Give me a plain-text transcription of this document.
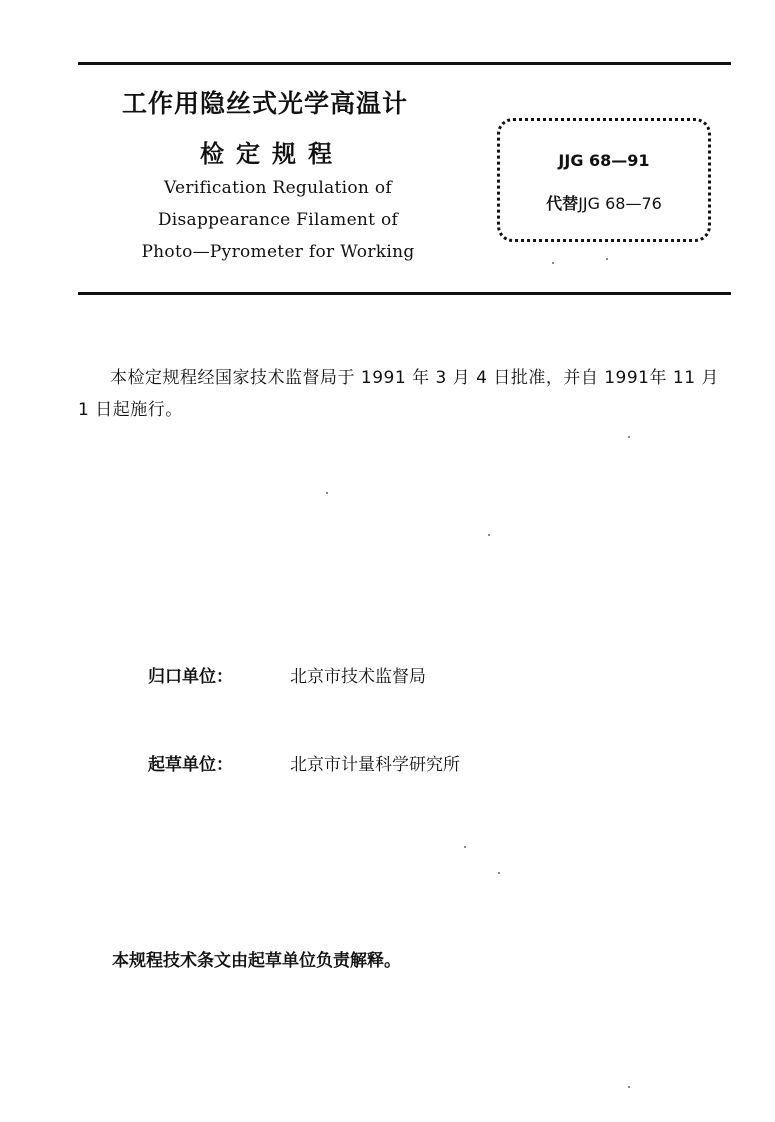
工作用隐丝式光学高温计
检定规程
Verification Regulation of
Disappearance Filament of
Photo—Pyrometer for Working
JJG 68—91
代替JJG 68—76
本检定规程经国家技术监督局于 1991 年 3 月 4 日批准，并自 1991年 11 月 1 日起施行。
归口单位：	北京市技术监督局
起草单位：	北京市计量科学研究所
本规程技术条文由起草单位负责解释。
